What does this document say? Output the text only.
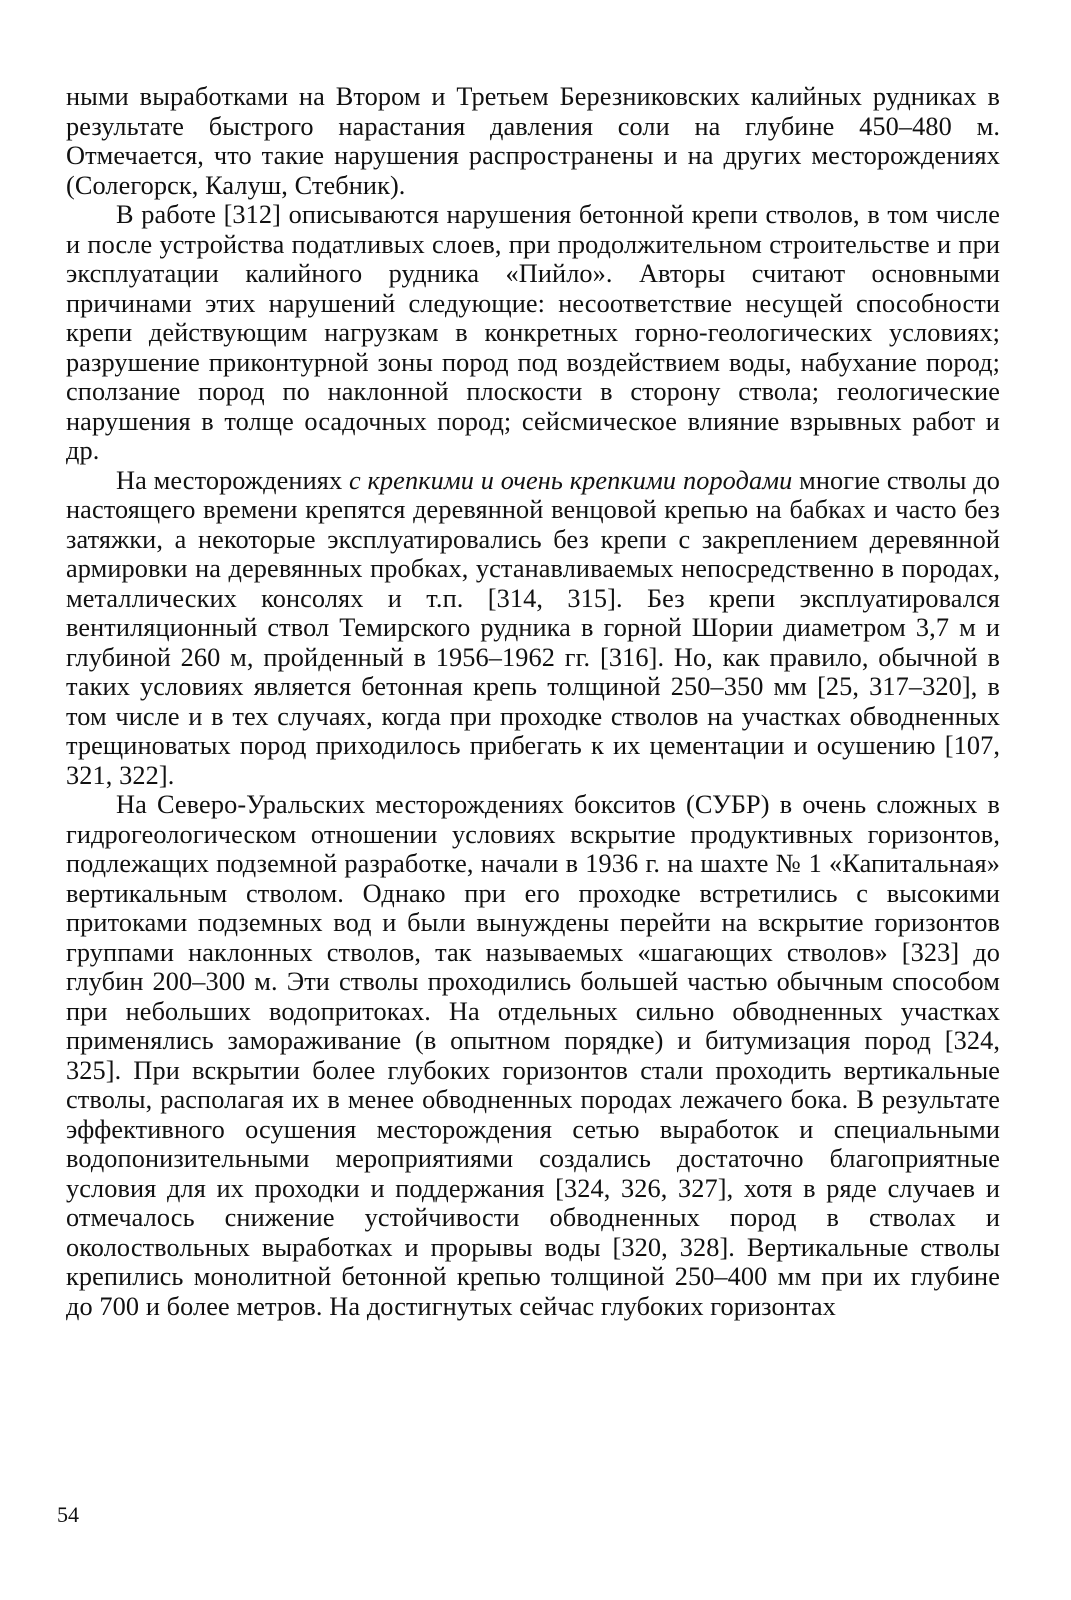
ными выработками на Втором и Третьем Березниковских калийных рудниках в результате быстрого нарастания давления соли на глубине 450–480 м. Отмечается, что такие нарушения распространены и на других месторождениях (Солегорск, Калуш, Стебник).

В работе [312] описываются нарушения бетонной крепи стволов, в том числе и после устройства податливых слоев, при продолжительном строительстве и при эксплуатации калийного рудника «Пийло». Авторы считают основными причинами этих нарушений следующие: несоответствие несущей способности крепи действующим нагрузкам в конкретных горно-геологических условиях; разрушение приконтурной зоны пород под воздействием воды, набухание пород; сползание пород по наклонной плоскости в сторону ствола; геологические нарушения в толще осадочных пород; сейсмическое влияние взрывных работ и др.

На месторождениях с крепкими и очень крепкими породами многие стволы до настоящего времени крепятся деревянной венцовой крепью на бабках и часто без затяжки, а некоторые эксплуатировались без крепи с закреплением деревянной армировки на деревянных пробках, устанавливаемых непосредственно в породах, металлических консолях и т.п. [314, 315]. Без крепи эксплуатировался вентиляционный ствол Темирского рудника в горной Шории диаметром 3,7 м и глубиной 260 м, пройденный в 1956–1962 гг. [316]. Но, как правило, обычной в таких условиях является бетонная крепь толщиной 250–350 мм [25, 317–320], в том числе и в тех случаях, когда при проходке стволов на участках обводненных трещиноватых пород приходилось прибегать к их цементации и осушению [107, 321, 322].

На Северо-Уральских месторождениях бокситов (СУБР) в очень сложных в гидрогеологическом отношении условиях вскрытие продуктивных горизонтов, подлежащих подземной разработке, начали в 1936 г. на шахте № 1 «Капитальная» вертикальным стволом. Однако при его проходке встретились с высокими притоками подземных вод и были вынуждены перейти на вскрытие горизонтов группами наклонных стволов, так называемых «шагающих стволов» [323] до глубин 200–300 м. Эти стволы проходились большей частью обычным способом при небольших водопритоках. На отдельных сильно обводненных участках применялись замораживание (в опытном порядке) и битумизация пород [324, 325]. При вскрытии более глубоких горизонтов стали проходить вертикальные стволы, располагая их в менее обводненных породах лежачего бока. В результате эффективного осушения месторождения сетью выработок и специальными водопонизительными мероприятиями создались достаточно благоприятные условия для их проходки и поддержания [324, 326, 327], хотя в ряде случаев и отмечалось снижение устойчивости обводненных пород в стволах и околоствольных выработках и прорывы воды [320, 328]. Вертикальные стволы крепились монолитной бетонной крепью толщиной 250–400 мм при их глубине до 700 и более метров. На достигнутых сейчас глубоких горизонтах

54
